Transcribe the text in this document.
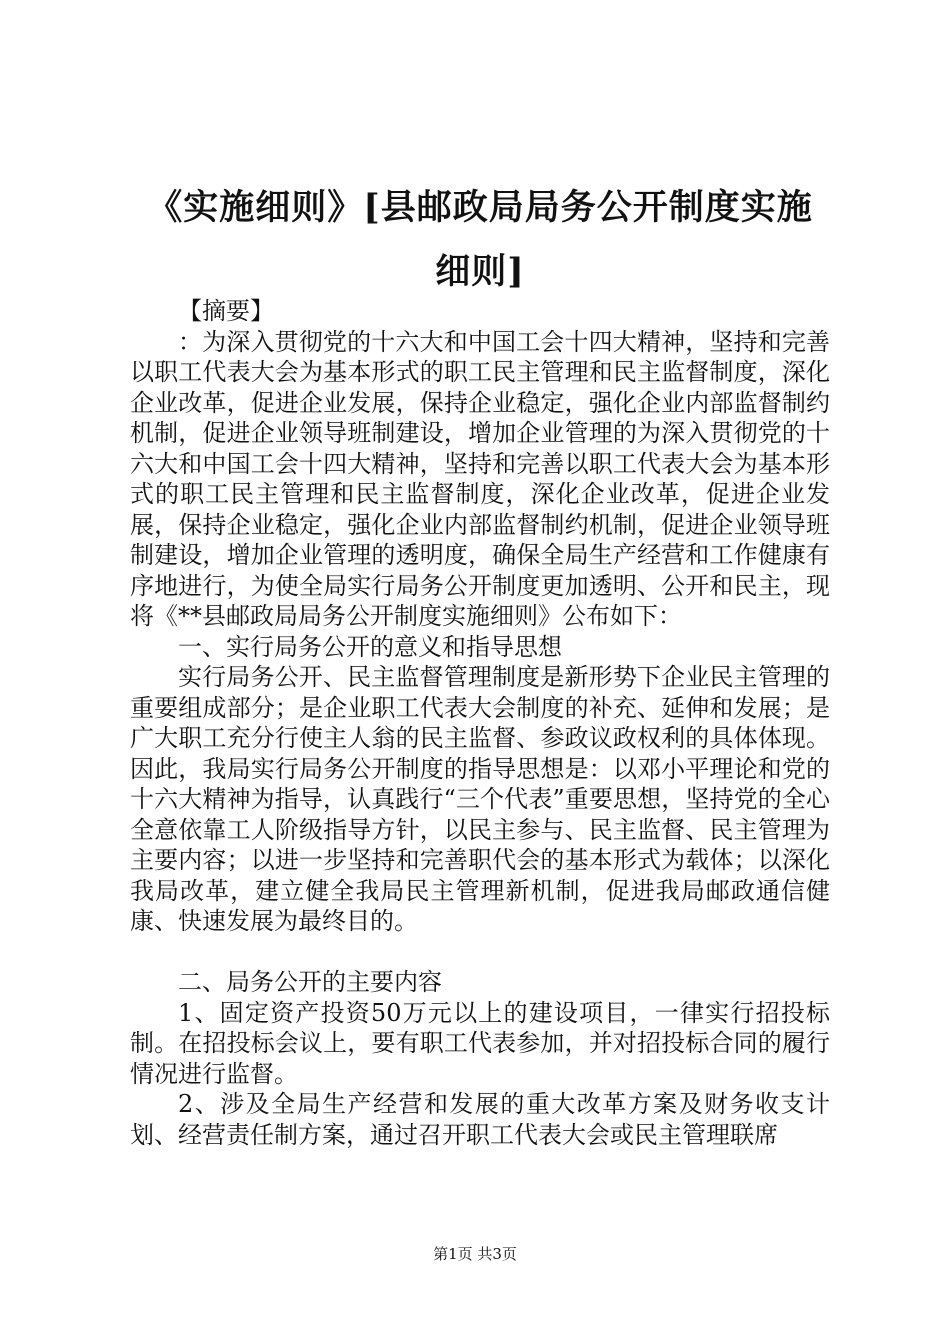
《实施细则》[县邮政局局务公开制度实施细则]

【摘要】

：为深入贯彻党的十六大和中国工会十四大精神，坚持和完善以职工代表大会为基本形式的职工民主管理和民主监督制度，深化企业改革，促进企业发展，保持企业稳定，强化企业内部监督制约机制，促进企业领导班制建设，增加企业管理的为深入贯彻党的十六大和中国工会十四大精神，坚持和完善以职工代表大会为基本形式的职工民主管理和民主监督制度，深化企业改革，促进企业发展，保持企业稳定，强化企业内部监督制约机制，促进企业领导班制建设，增加企业管理的透明度，确保全局生产经营和工作健康有序地进行，为使全局实行局务公开制度更加透明、公开和民主，现将《**县邮政局局务公开制度实施细则》公布如下：

一、实行局务公开的意义和指导思想

实行局务公开、民主监督管理制度是新形势下企业民主管理的重要组成部分；是企业职工代表大会制度的补充、延伸和发展；是广大职工充分行使主人翁的民主监督、参政议政权利的具体体现。因此，我局实行局务公开制度的指导思想是：以邓小平理论和党的十六大精神为指导，认真践行“三个代表”重要思想，坚持党的全心全意依靠工人阶级指导方针，以民主参与、民主监督、民主管理为主要内容；以进一步坚持和完善职代会的基本形式为载体；以深化我局改革，建立健全我局民主管理新机制，促进我局邮政通信健康、快速发展为最终目的。

二、局务公开的主要内容

1、固定资产投资50万元以上的建设项目，一律实行招投标制。在招投标会议上，要有职工代表参加，并对招投标合同的履行情况进行监督。

2、涉及全局生产经营和发展的重大改革方案及财务收支计划、经营责任制方案，通过召开职工代表大会或民主管理联席

第1页 共3页
